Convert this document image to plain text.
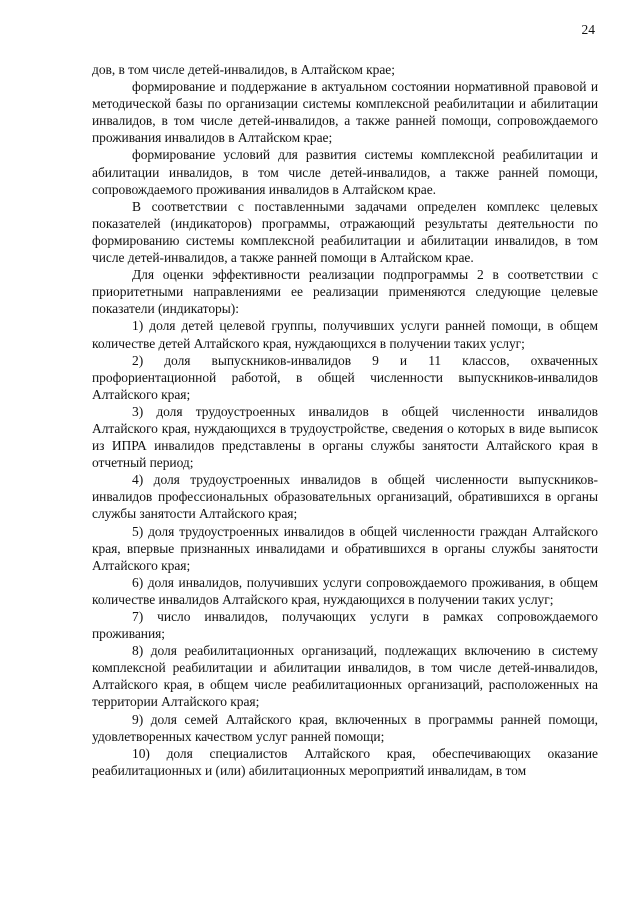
24

дов, в том числе детей-инвалидов, в Алтайском крае;

формирование и поддержание в актуальном состоянии нормативной правовой и методической базы по организации системы комплексной реабилитации и абилитации инвалидов, в том числе детей-инвалидов, а также ранней помощи, сопровождаемого проживания инвалидов в Алтайском крае;

формирование условий для развития системы комплексной реабилитации и абилитации инвалидов, в том числе детей-инвалидов, а также ранней помощи, сопровождаемого проживания инвалидов в Алтайском крае.

В соответствии с поставленными задачами определен комплекс целевых показателей (индикаторов) программы, отражающий результаты деятельности по формированию системы комплексной реабилитации и абилитации инвалидов, в том числе детей-инвалидов, а также ранней помощи в Алтайском крае.

Для оценки эффективности реализации подпрограммы 2 в соответствии с приоритетными направлениями ее реализации применяются следующие целевые показатели (индикаторы):

1) доля детей целевой группы, получивших услуги ранней помощи, в общем количестве детей Алтайского края, нуждающихся в получении таких услуг;

2) доля выпускников-инвалидов 9 и 11 классов, охваченных профориентационной работой, в общей численности выпускников-инвалидов Алтайского края;

3) доля трудоустроенных инвалидов в общей численности инвалидов Алтайского края, нуждающихся в трудоустройстве, сведения о которых в виде выписок из ИПРА инвалидов представлены в органы службы занятости Алтайского края в отчетный период;

4) доля трудоустроенных инвалидов в общей численности выпускников-инвалидов профессиональных образовательных организаций, обратившихся в органы службы занятости Алтайского края;

5) доля трудоустроенных инвалидов в общей численности граждан Алтайского края, впервые признанных инвалидами и обратившихся в органы службы занятости Алтайского края;

6) доля инвалидов, получивших услуги сопровождаемого проживания, в общем количестве инвалидов Алтайского края, нуждающихся в получении таких услуг;

7) число инвалидов, получающих услуги в рамках сопровождаемого проживания;

8) доля реабилитационных организаций, подлежащих включению в систему комплексной реабилитации и абилитации инвалидов, в том числе детей-инвалидов, Алтайского края, в общем числе реабилитационных организаций, расположенных на территории Алтайского края;

9) доля семей Алтайского края, включенных в программы ранней помощи, удовлетворенных качеством услуг ранней помощи;

10) доля специалистов Алтайского края, обеспечивающих оказание реабилитационных и (или) абилитационных мероприятий инвалидам, в том
